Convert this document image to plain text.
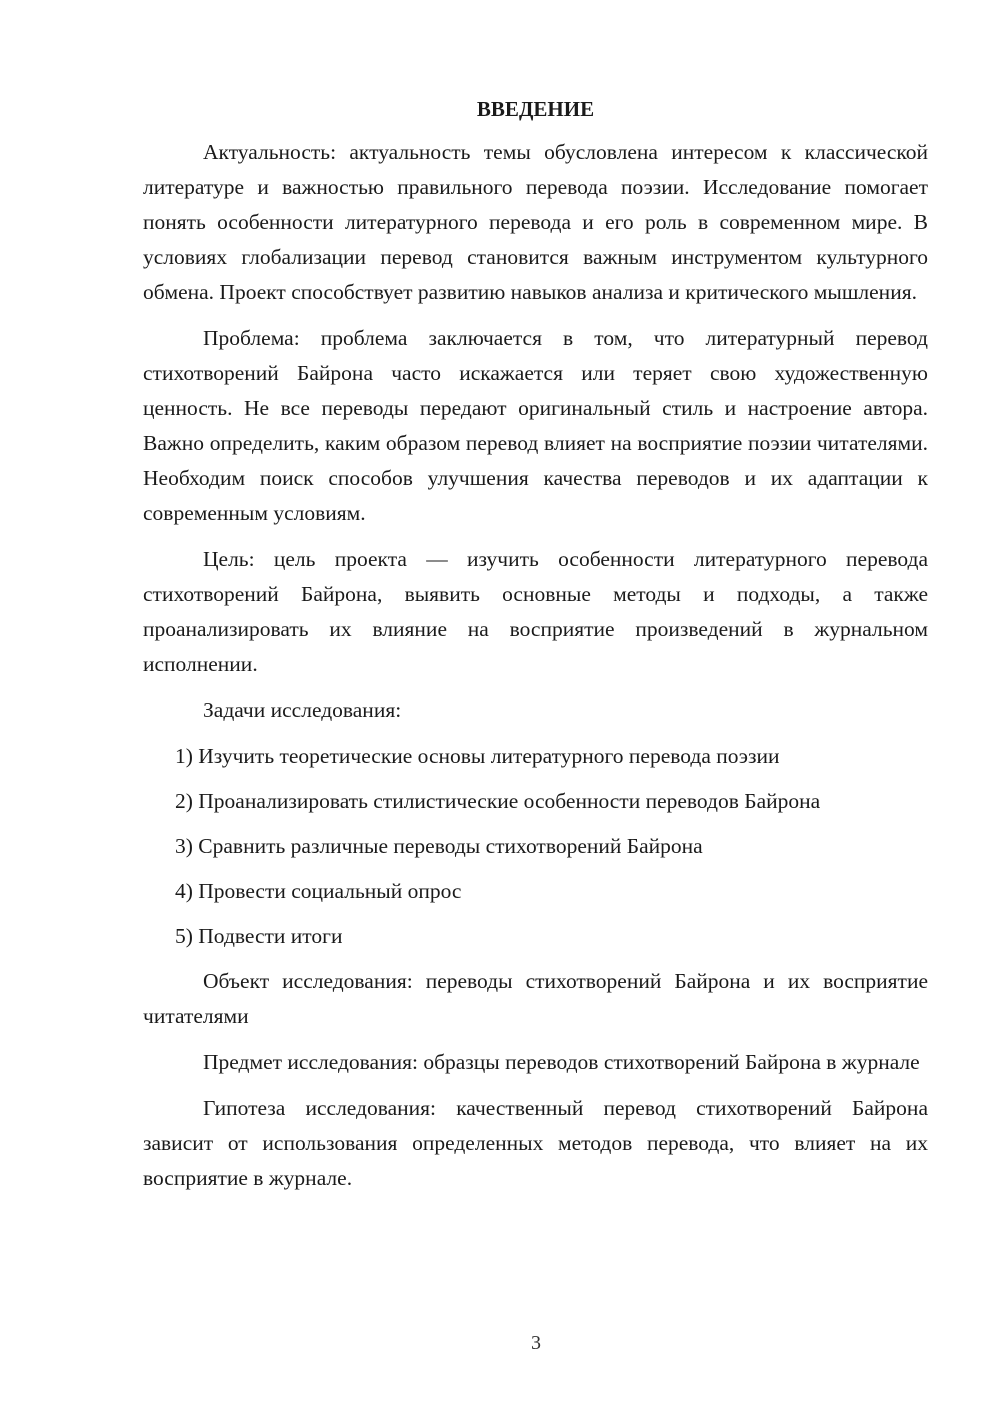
ВВЕДЕНИЕ

Актуальность: актуальность темы обусловлена интересом к классической литературе и важностью правильного перевода поэзии. Исследование помогает понять особенности литературного перевода и его роль в современном мире. В условиях глобализации перевод становится важным инструментом культурного обмена. Проект способствует развитию навыков анализа и критического мышления.

Проблема: проблема заключается в том, что литературный перевод стихотворений Байрона часто искажается или теряет свою художественную ценность. Не все переводы передают оригинальный стиль и настроение автора. Важно определить, каким образом перевод влияет на восприятие поэзии читателями. Необходим поиск способов улучшения качества переводов и их адаптации к современным условиям.

Цель: цель проекта — изучить особенности литературного перевода стихотворений Байрона, выявить основные методы и подходы, а также проанализировать их влияние на восприятие произведений в журнальном исполнении.

Задачи исследования:

1) Изучить теоретические основы литературного перевода поэзии

2) Проанализировать стилистические особенности переводов Байрона

3) Сравнить различные переводы стихотворений Байрона

4) Провести социальный опрос

5) Подвести итоги

Объект исследования: переводы стихотворений Байрона и их восприятие читателями

Предмет исследования: образцы переводов стихотворений Байрона в журнале

Гипотеза исследования: качественный перевод стихотворений Байрона зависит от использования определенных методов перевода, что влияет на их восприятие в журнале.

3
